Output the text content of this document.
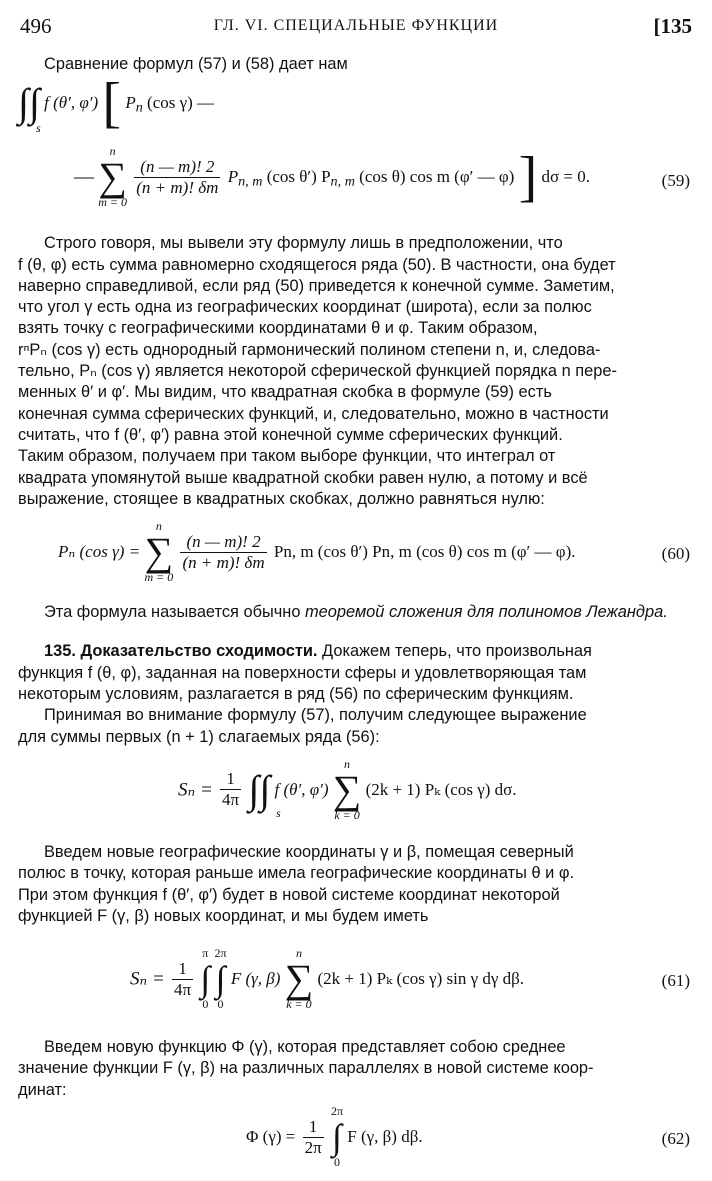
496	ГЛ. VI. СПЕЦИАЛЬНЫЕ ФУНКЦИИ	[135

Сравнение формул (57) и (58) дает нам

∫∫ f (θ′, φ′) [ $P_n$ (cos γ) —
s
—
n
∑
m = 0

$\frac{(n — m)! 2}{(n + m)! \delta m} P_{n, m}$ (cos θ′) $P_{n, m}$ (cos θ) cos m (φ′ — φ) ] dσ = 0.	(59)

Строго говоря, мы вывели эту формулу лишь в предположении, что

f (θ, φ) есть сумма равномерно сходящегося ряда (50). В частности, она будет

наверно справедливой, если ряд (50) приведется к конечной сумме. Заметим,

что угол γ есть одна из географических координат (широта), если за полюс

взять точку с географическими координатами θ и φ. Таким образом,

rⁿPₙ (cos γ) есть однородный гармонический полином степени n, и, следова-

тельно, Pₙ (cos γ) является некоторой сферической функцией порядка n пере-

менных θ′ и φ′. Мы видим, что квадратная скобка в формуле (59) есть

конечная сумма сферических функций, и, следовательно, можно в частности

считать, что f (θ′, φ′) равна этой конечной сумме сферических функций.

Таким образом, получаем при таком выборе функции, что интеграл от

квадрата упомянутой выше квадратной скобки равен нулю, а потому и всё

выражение, стоящее в квадратных скобках, должно равняться нулю:

Pₙ (cos γ) =
n
∑
m = 0

$\frac{(n — m)! 2}{(n + m)! \delta m} Pn$, m (cos θ′) Pn, m (cos θ) cos m (φ′ — φ).	(60)

Эта формула называется обычно теоремой сложения для полиномов Лежандра.

135. Доказательство сходимости. Докажем теперь, что произвольная

функция f (θ, φ), заданная на поверхности сферы и удовлетворяющая там

некоторым условиям, разлагается в ряд (56) по сферическим функциям.

Принимая во внимание формулу (57), получим следующее выражение

для суммы первых (n + 1) слагаемых ряда (56):

$S_n = \frac{1}{4\pi}$ ∫∫ f (θ′, φ′)
n
∑
k = 0
(2k + 1) Pₖ (cos γ) dσ.
s

Введем новые географические координаты γ и β, помещая северный

полюс в точку, которая раньше имела географические координаты θ и φ.

При этом функция f (θ′, φ′) будет в новой системе координат некоторой

функцией F (γ, β) новых координат, и мы будем иметь

$S_n = \frac{1}{4\pi}$

π
∫
0

2π
∫
0
F (γ, β)
n
∑
k = 0
(2k + 1) Pₖ (cos γ) sin γ dγ dβ.	(61)

Введем новую функцию Φ (γ), которая представляет собою среднее

значение функции F (γ, β) на различных параллелях в новой системе коор-

динат:

Φ $(\gamma) = \frac{1}{2\pi}$

2π
∫
0
F (γ, β) dβ.	(62)
